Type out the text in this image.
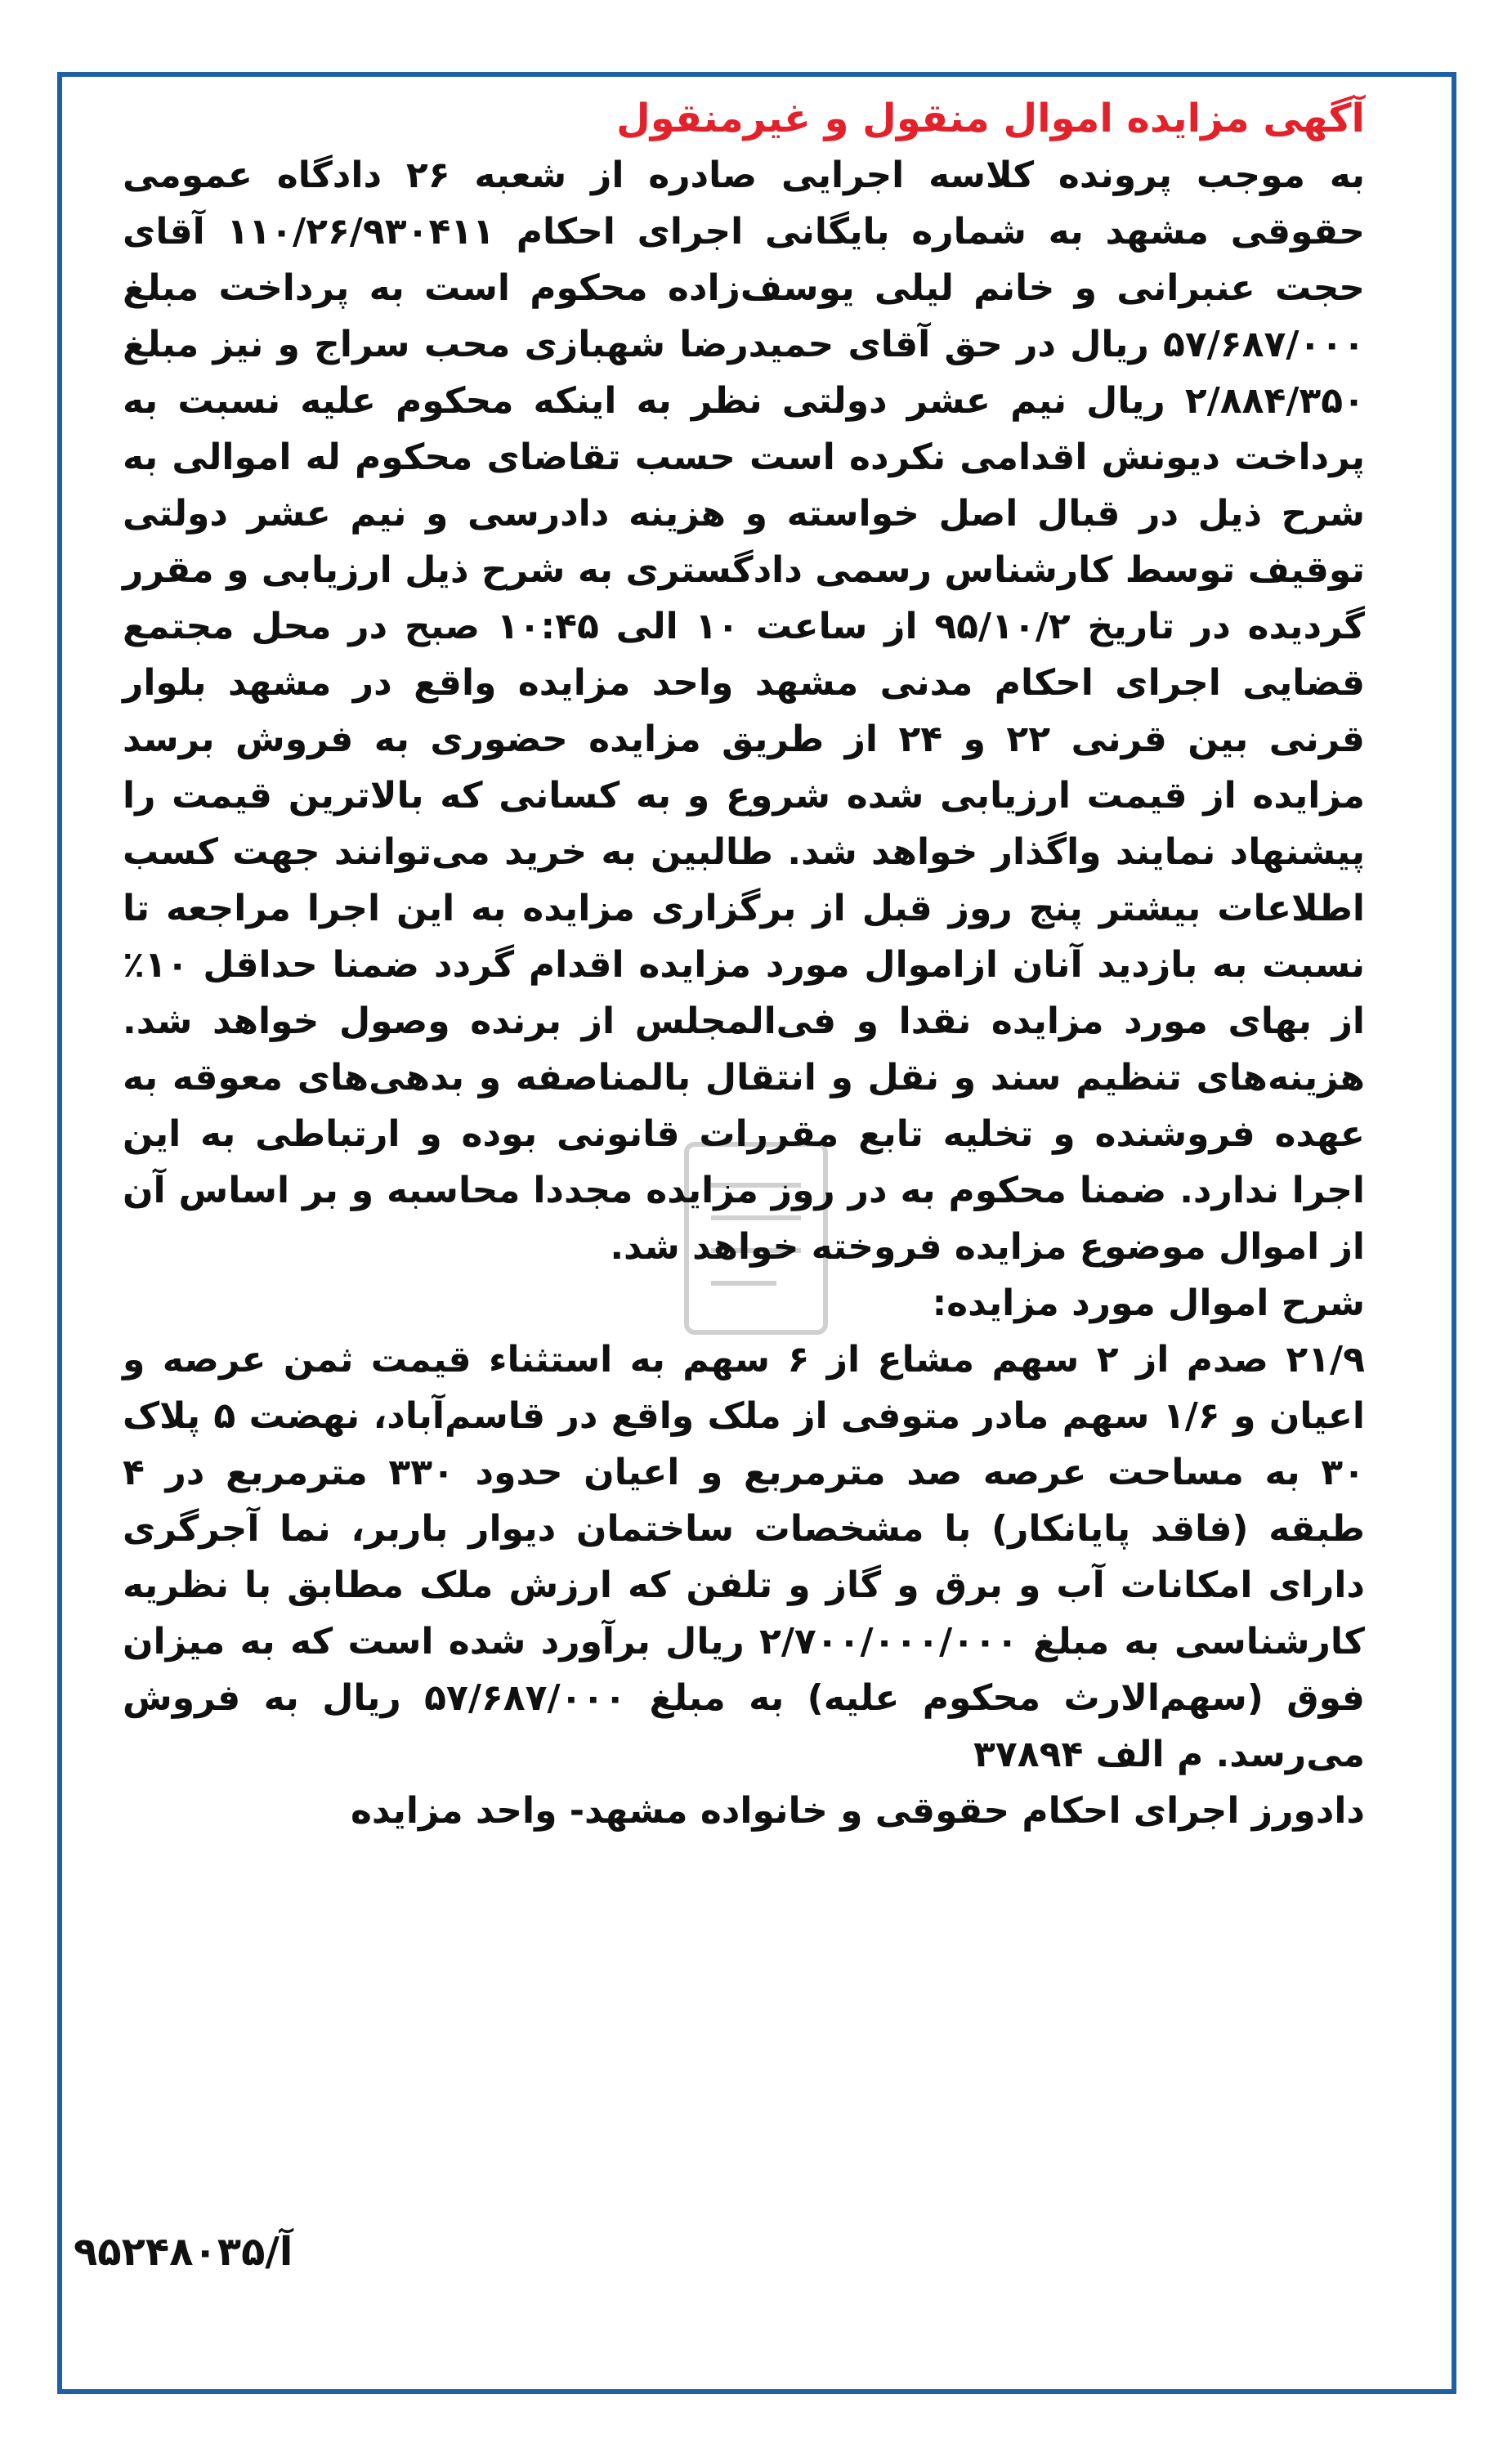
آگهی مزایده اموال منقول و غیرمنقول

به موجب پرونده کلاسه اجرایی صادره از شعبه ۲۶ دادگاه عمومی حقوقی مشهد به شماره بایگانی اجرای احکام ۱۱۰/۲۶/۹۳۰۴۱۱ آقای حجت عنبرانی و خانم لیلی یوسف‌زاده محکوم است به پرداخت مبلغ ۵۷/۶۸۷/۰۰۰ ریال در حق آقای حمیدرضا شهبازی محب سراج و نیز مبلغ ۲/۸۸۴/۳۵۰ ریال نیم عشر دولتی نظر به اینکه محکوم علیه نسبت به پرداخت دیونش اقدامی نکرده است حسب تقاضای محکوم له اموالی به شرح ذیل در قبال اصل خواسته و هزینه دادرسی و نیم عشر دولتی توقیف توسط کارشناس رسمی دادگستری به شرح ذیل ارزیابی و مقرر گردیده در تاریخ ۹۵/۱۰/۲ از ساعت ۱۰ الی ۱۰:۴۵ صبح در محل مجتمع قضایی اجرای احکام مدنی مشهد واحد مزایده واقع در مشهد بلوار قرنی بین قرنی ۲۲ و ۲۴ از طریق مزایده حضوری به فروش برسد مزایده از قیمت ارزیابی شده شروع و به کسانی که بالاترین قیمت را پیشنهاد نمایند واگذار خواهد شد. طالبین به خرید می‌توانند جهت کسب اطلاعات بیشتر پنج روز قبل از برگزاری مزایده به این اجرا مراجعه تا نسبت به بازدید آنان ازاموال مورد مزایده اقدام گردد ضمنا حداقل ۱۰٪ از بهای مورد مزایده نقدا و فی‌المجلس از برنده وصول خواهد شد. هزینه‌های تنظیم سند و نقل و انتقال بالمناصفه و بدهی‌های معوقه به عهده فروشنده و تخلیه تابع مقررات قانونی بوده و ارتباطی به این اجرا ندارد. ضمنا محکوم به در روز مزایده مجددا محاسبه و بر اساس آن از اموال موضوع مزایده فروخته خواهد شد.

شرح اموال مورد مزایده:

۲۱/۹ صدم از ۲ سهم مشاع از ۶ سهم به استثناء قیمت ثمن عرصه و اعیان و ۱/۶ سهم مادر متوفی از ملک واقع در قاسم‌آباد، نهضت ۵ پلاک ۳۰ به مساحت عرصه صد مترمربع و اعیان حدود ۳۳۰ مترمربع در ۴ طبقه (فاقد پایانکار) با مشخصات ساختمان دیوار باربر، نما آجرگری دارای امکانات آب و برق و گاز و تلفن که ارزش ملک مطابق با نظریه کارشناسی به مبلغ ۲/۷۰۰/۰۰۰/۰۰۰ ریال برآورد شده است که به میزان فوق (سهم‌الارث محکوم علیه) به مبلغ ۵۷/۶۸۷/۰۰۰ ریال به فروش می‌رسد. م الف ۳۷۸۹۴

دادورز اجرای احکام حقوقی و خانواده مشهد- واحد مزایده

آ/۹۵۲۴۸۰۳۵
